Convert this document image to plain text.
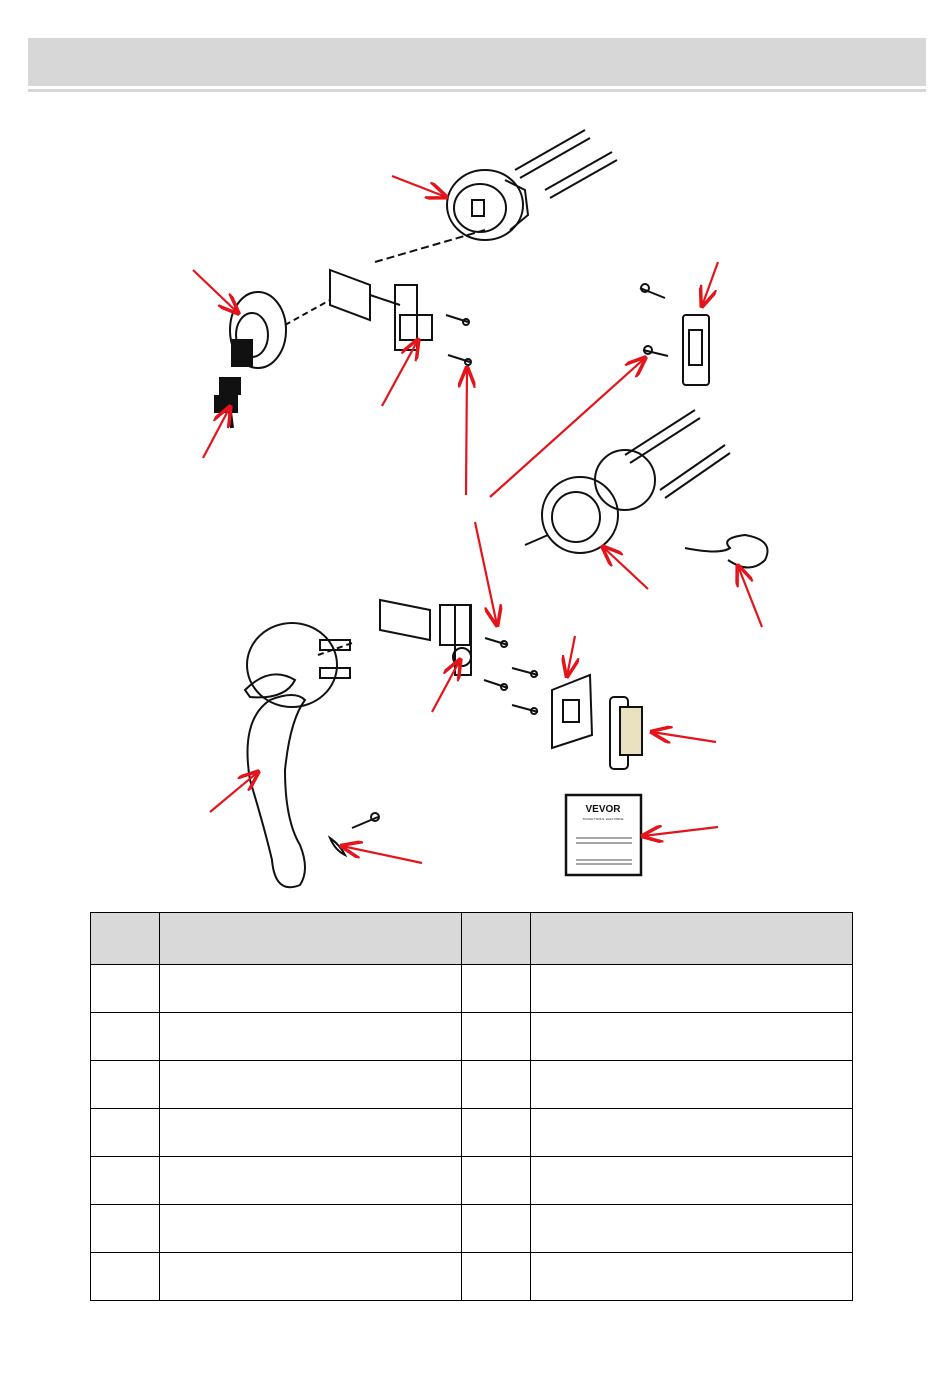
VEVOR
TOUGH TOOLS, HALF PRICE
